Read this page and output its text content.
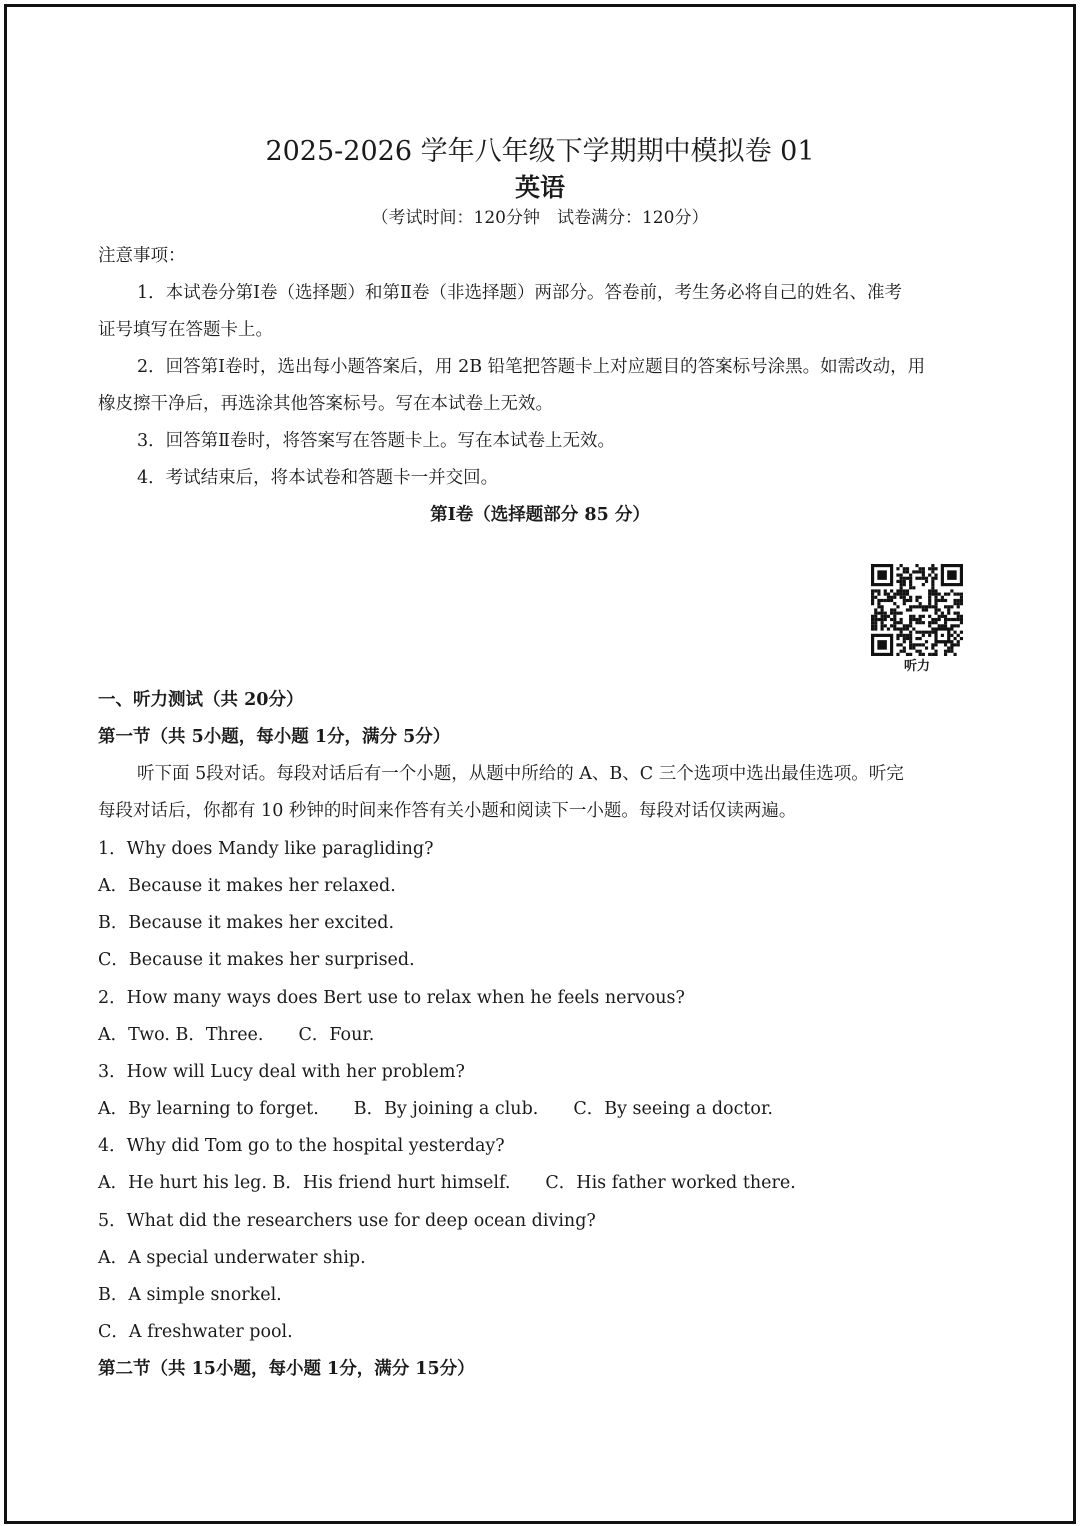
2025-2026 学年八年级下学期期中模拟卷 01
英语
（考试时间：120分钟　试卷满分：120分）
注意事项：
1．本试卷分第Ⅰ卷（选择题）和第Ⅱ卷（非选择题）两部分。答卷前，考生务必将自己的姓名、准考
证号填写在答题卡上。
2．回答第Ⅰ卷时，选出每小题答案后，用 2B 铅笔把答题卡上对应题目的答案标号涂黑。如需改动，用
橡皮擦干净后，再选涂其他答案标号。写在本试卷上无效。
3．回答第Ⅱ卷时，将答案写在答题卡上。写在本试卷上无效。
4．考试结束后，将本试卷和答题卡一并交回。
第Ⅰ卷（选择题部分 85 分）
听力
一、听力测试（共 20分）
第一节（共 5小题，每小题 1分，满分 5分）
听下面 5段对话。每段对话后有一个小题，从题中所给的 A、B、C 三个选项中选出最佳选项。听完
每段对话后，你都有 10 秒钟的时间来作答有关小题和阅读下一小题。每段对话仅读两遍。
1．Why does Mandy like paragliding?
A．Because it makes her relaxed.
B．Because it makes her excited.
C．Because it makes her surprised.
2．How many ways does Bert use to relax when he feels nervous?
A．Two. B．Three.　　C．Four.
3．How will Lucy deal with her problem?
A．By learning to forget.　　B．By joining a club.　　C．By seeing a doctor.
4．Why did Tom go to the hospital yesterday?
A．He hurt his leg. B．His friend hurt himself.　　C．His father worked there.
5．What did the researchers use for deep ocean diving?
A．A special underwater ship.
B．A simple snorkel.
C．A freshwater pool.
第二节（共 15小题，每小题 1分，满分 15分）
